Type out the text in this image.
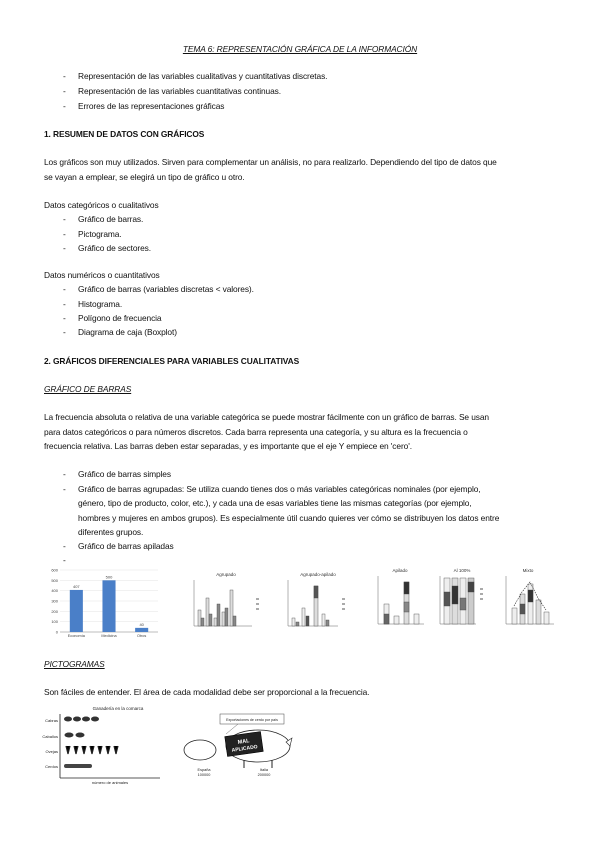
TEMA 6: REPRESENTACIÓN GRÁFICA DE LA INFORMACIÓN
- Representación de las variables cualitativas y cuantitativas discretas.
- Representación de las variables cuantitativas continuas.
- Errores de las representaciones gráficas
1. RESUMEN DE DATOS CON GRÁFICOS
Los gráficos son muy utilizados. Sirven para complementar un análisis, no para realizarlo. Dependiendo del tipo de datos que
se vayan a emplear, se elegirá un tipo de gráfico u otro.
Datos categóricos o cualitativos
- Gráfico de barras.
- Pictograma.
- Gráfico de sectores.
Datos numéricos o cuantitativos
- Gráfico de barras (variables discretas < valores).
- Histograma.
- Polígono de frecuencia
- Diagrama de caja (Boxplot)
2. GRÁFICOS DIFERENCIALES PARA VARIABLES CUALITATIVAS
GRÁFICO DE BARRAS
La frecuencia absoluta o relativa de una variable categórica se puede mostrar fácilmente con un gráfico de barras. Se usan
para datos categóricos o para números discretos. Cada barra representa una categoría, y su altura es la frecuencia o
frecuencia relativa. Las barras deben estar separadas, y es importante que el eje Y empiece en 'cero'.
- Gráfico de barras simples
- Gráfico de barras agrupadas: Se utiliza cuando tienes dos o más variables categóricas nominales (por ejemplo,
género, tipo de producto, color, etc.), y cada una de esas variables tiene las mismas categorías (por ejemplo,
hombres y mujeres en ambos grupos). Es especialmente útil cuando quieres ver cómo se distribuyen los datos entre
diferentes grupos.
- Gráfico de barras apiladas
-
0
100
200
300
400
500
600
407
Economía
500
Medicina
40
Otros
Agrupado	Agrupado-apilado
Apilado	Al 100%	Mixto
PICTOGRAMAS
Son fáciles de entender. El área de cada modalidad debe ser proporcional a la frecuencia.
Ganadería en la comarca
Cabras
Caballos
Ovejas
Cerdos
número de animales
Exportaciones de cerdo por país
MAL
APLICADO
España
100000
Italia
200000
